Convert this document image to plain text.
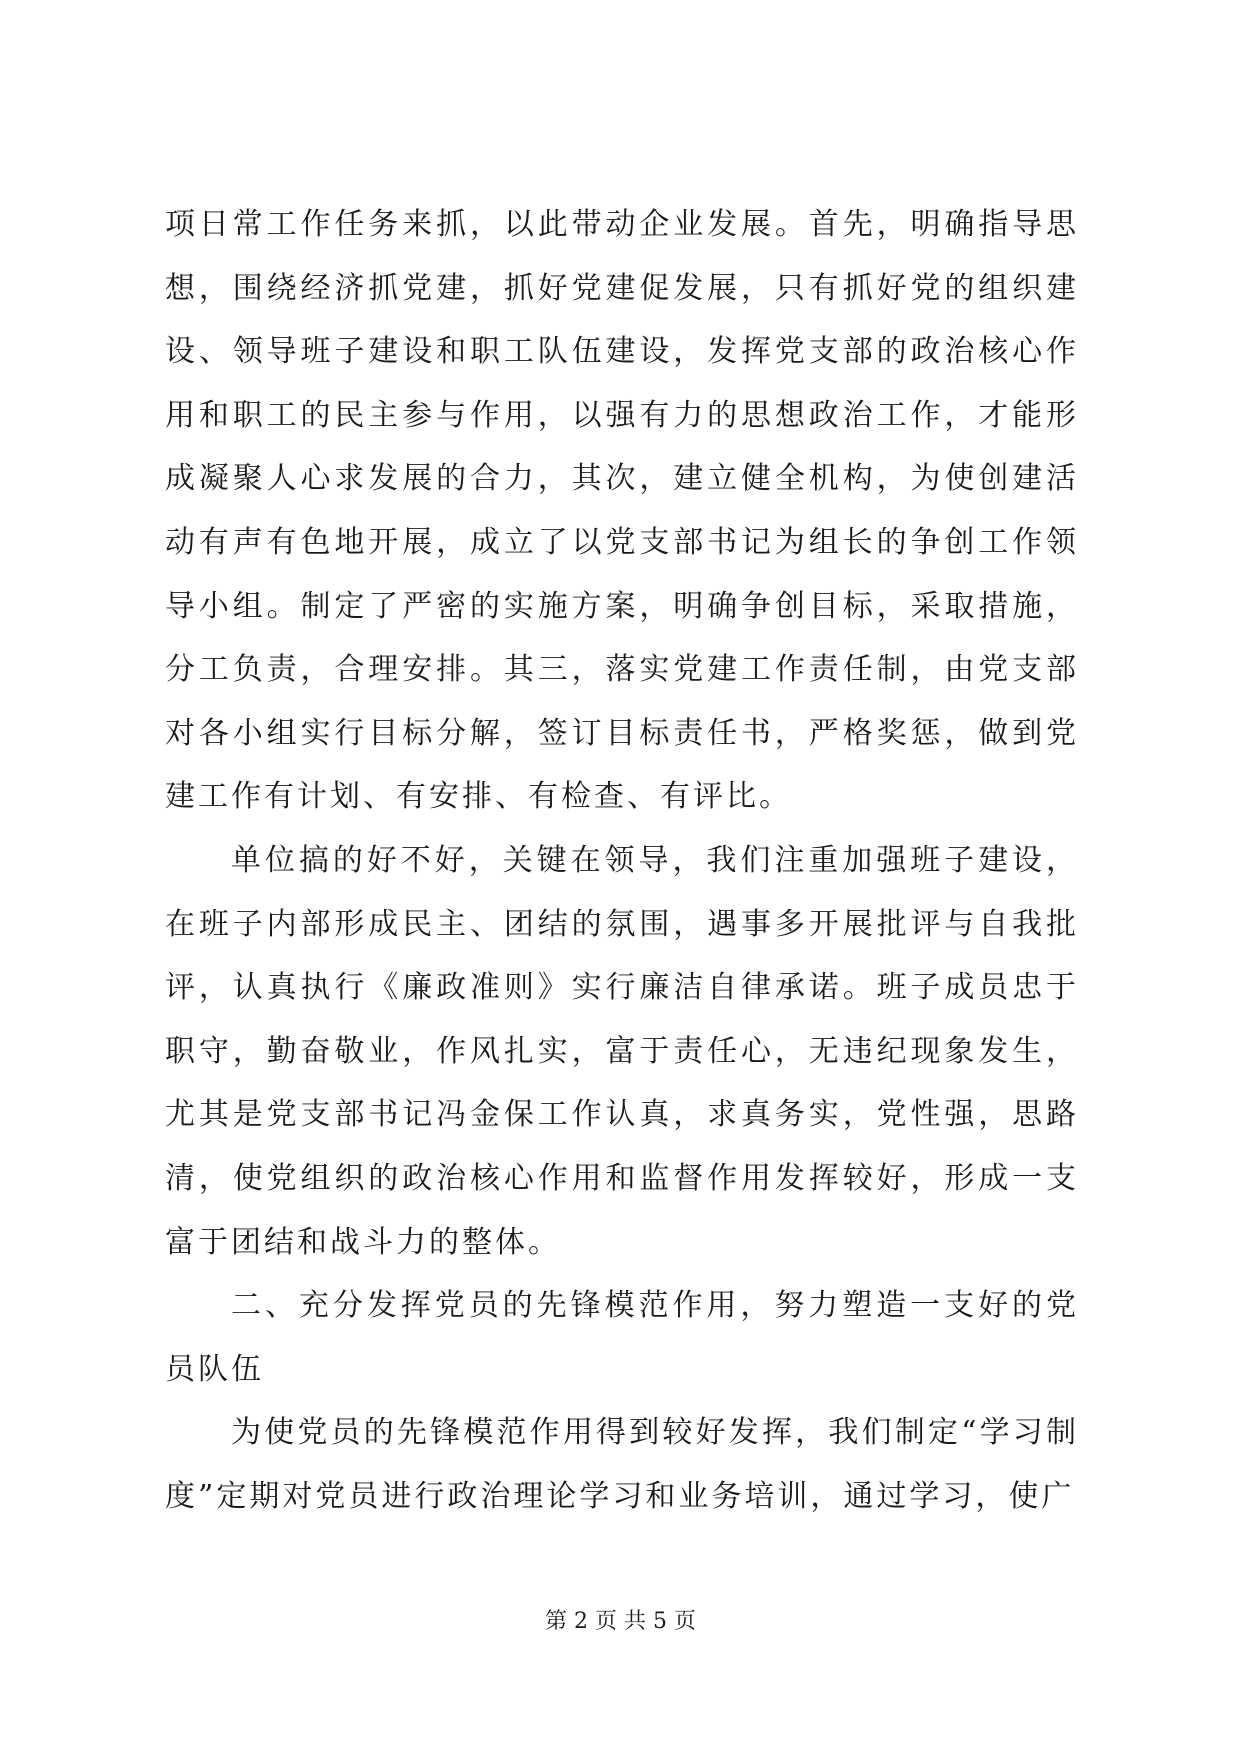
项日常工作任务来抓，以此带动企业发展。首先，明确指导思想，围绕经济抓党建，抓好党建促发展，只有抓好党的组织建设、领导班子建设和职工队伍建设，发挥党支部的政治核心作用和职工的民主参与作用，以强有力的思想政治工作，才能形成凝聚人心求发展的合力，其次，建立健全机构，为使创建活动有声有色地开展，成立了以党支部书记为组长的争创工作领导小组。制定了严密的实施方案，明确争创目标，采取措施，分工负责，合理安排。其三，落实党建工作责任制，由党支部对各小组实行目标分解，签订目标责任书，严格奖惩，做到党建工作有计划、有安排、有检查、有评比。

单位搞的好不好，关键在领导，我们注重加强班子建设，在班子内部形成民主、团结的氛围，遇事多开展批评与自我批评，认真执行《廉政准则》实行廉洁自律承诺。班子成员忠于职守，勤奋敬业，作风扎实，富于责任心，无违纪现象发生，尤其是党支部书记冯金保工作认真，求真务实，党性强，思路清，使党组织的政治核心作用和监督作用发挥较好，形成一支富于团结和战斗力的整体。

二、充分发挥党员的先锋模范作用，努力塑造一支好的党员队伍

为使党员的先锋模范作用得到较好发挥，我们制定“学习制度”定期对党员进行政治理论学习和业务培训，通过学习，使广

第 2 页 共 5 页
